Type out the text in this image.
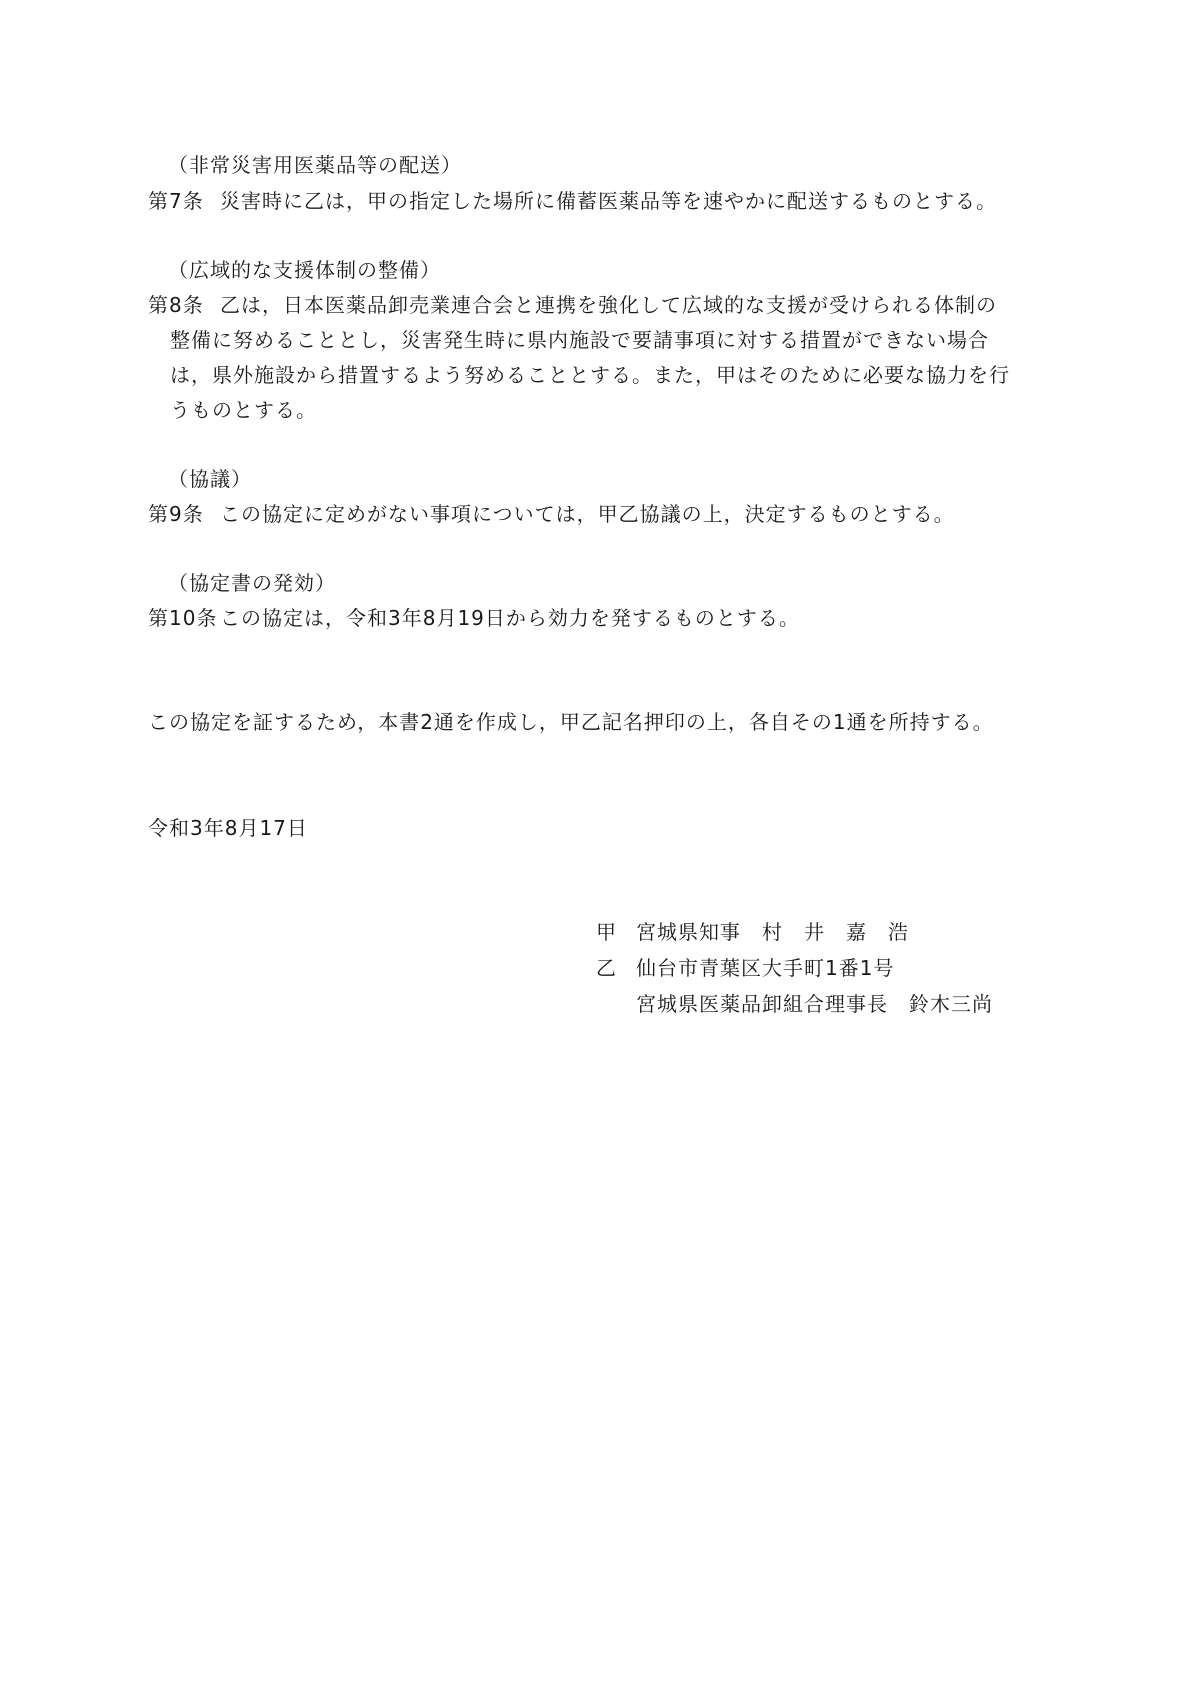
（非常災害用医薬品等の配送）
第7条 災害時に乙は，甲の指定した場所に備蓄医薬品等を速やかに配送するものとする。
（広域的な支援体制の整備）
第8条 乙は，日本医薬品卸売業連合会と連携を強化して広域的な支援が受けられる体制の
整備に努めることとし，災害発生時に県内施設で要請事項に対する措置ができない場合
は，県外施設から措置するよう努めることとする。また，甲はそのために必要な協力を行
うものとする。
（協議）
第9条 この協定に定めがない事項については，甲乙協議の上，決定するものとする。
（協定書の発効）
第10条 この協定は，令和3年8月19日から効力を発するものとする。
この協定を証するため，本書2通を作成し，甲乙記名押印の上，各自その1通を所持する。
令和3年8月17日
甲 宮城県知事　村　井　嘉　浩
乙 仙台市青葉区大手町1番1号
宮城県医薬品卸組合理事長　鈴木三尚
